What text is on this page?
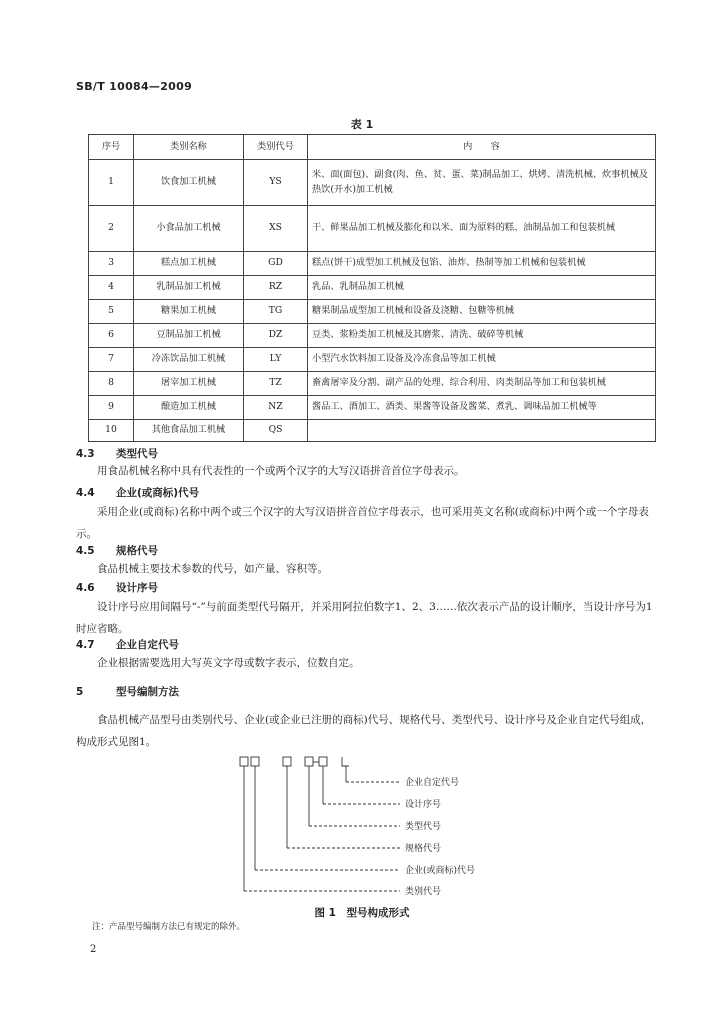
SB/T 10084—2009
表 1
序号	类别名称	类别代号	内　　容
1	饮食加工机械	YS	米、面(面包)、副食(肉、鱼、贫、蛋、菜)制品加工、烘烤、清洗机械、炊事机械及热饮(开水)加工机械
2	小食品加工机械	XS	干、鲜果品加工机械及膨化和以米、面为原料的糕、油制品加工和包装机械
3	糕点加工机械	GD	糕点(饼干)成型加工机械及包馅、油炸、热制等加工机械和包装机械
4	乳制品加工机械	RZ	乳品、乳制品加工机械
5	糖果加工机械	TG	糖果制品成型加工机械和设备及浇糖、包糖等机械
6	豆制品加工机械	DZ	豆类、浆粉类加工机械及其磨浆、清洗、破碎等机械
7	冷冻饮品加工机械	LY	小型汽水饮料加工设备及冷冻食品等加工机械
8	屠宰加工机械	TZ	畜禽屠宰及分割、副产品的处理、综合利用、肉类制品等加工和包装机械
9	酿造加工机械	NZ	酱品工、酒加工、酒类、果酱等设备及酱菜、煮乳、调味品加工机械等
10	其他食品加工机械	QS	
4.3 类型代号
用食品机械名称中具有代表性的一个或两个汉字的大写汉语拼音首位字母表示。
4.4 企业(或商标)代号
采用企业(或商标)名称中两个或三个汉字的大写汉语拼音首位字母表示，也可采用英文名称(或商标)中两个或一个字母表示。
4.5 规格代号
食品机械主要技术参数的代号，如产量、容积等。
4.6 设计序号
设计序号应用间隔号“-”与前面类型代号隔开，并采用阿拉伯数字1、2、3……依次表示产品的设计顺序，当设计序号为1时应省略。
4.7 企业自定代号
企业根据需要选用大写英文字母或数字表示，位数自定。
5	型号编制方法
食品机械产品型号由类别代号、企业(或企业已注册的商标)代号、规格代号、类型代号、设计序号及企业自定代号组成，构成形式见图1。
企业自定代号
设计序号
类型代号
规格代号
企业(或商标)代号
类别代号
图 1　型号构成形式
注：产品型号编制方法已有规定的除外。
2
